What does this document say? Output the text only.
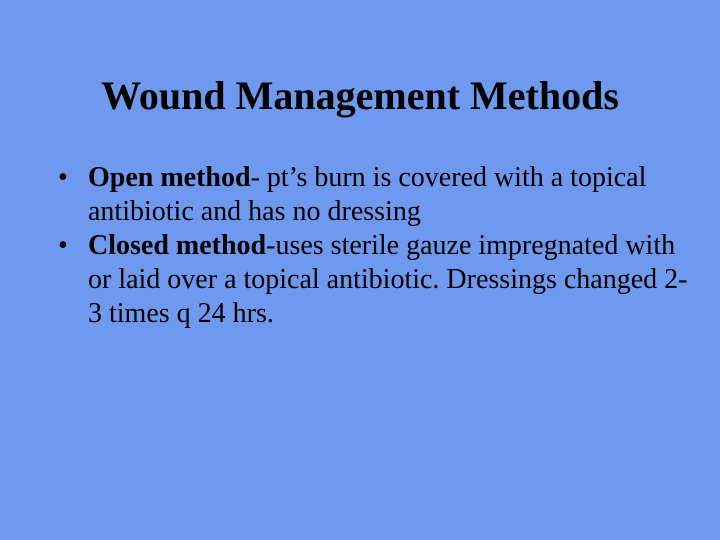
Wound Management Methods
• Open method- pt’s burn is covered with a topical antibiotic and has no dressing
• Closed method-uses sterile gauze impregnated with or laid over a topical antibiotic. Dressings changed 2-3 times q 24 hrs.
